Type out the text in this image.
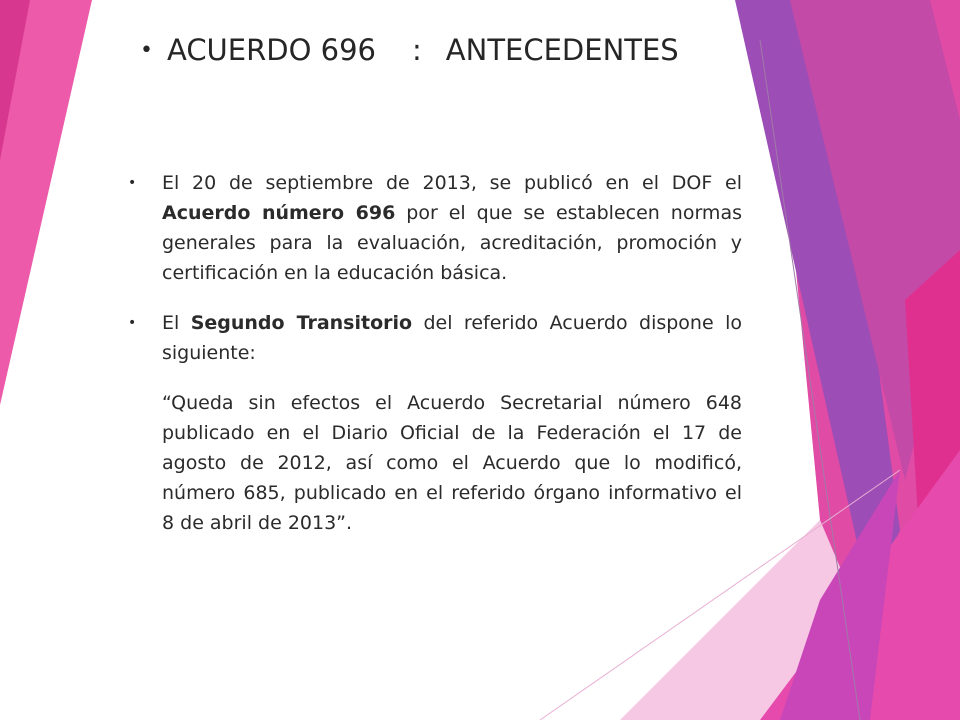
• ACUERDO 696 : ANTECEDENTES
• El 20 de septiembre de 2013, se publicó en el DOF el Acuerdo número 696 por el que se establecen normas generales para la evaluación, acreditación, promoción y certificación en la educación básica.
• El Segundo Transitorio del referido Acuerdo dispone lo siguiente:
“Queda sin efectos el Acuerdo Secretarial número 648 publicado en el Diario Oficial de la Federación el 17 de agosto de 2012, así como el Acuerdo que lo modificó, número 685, publicado en el referido órgano informativo el 8 de abril de 2013”.
